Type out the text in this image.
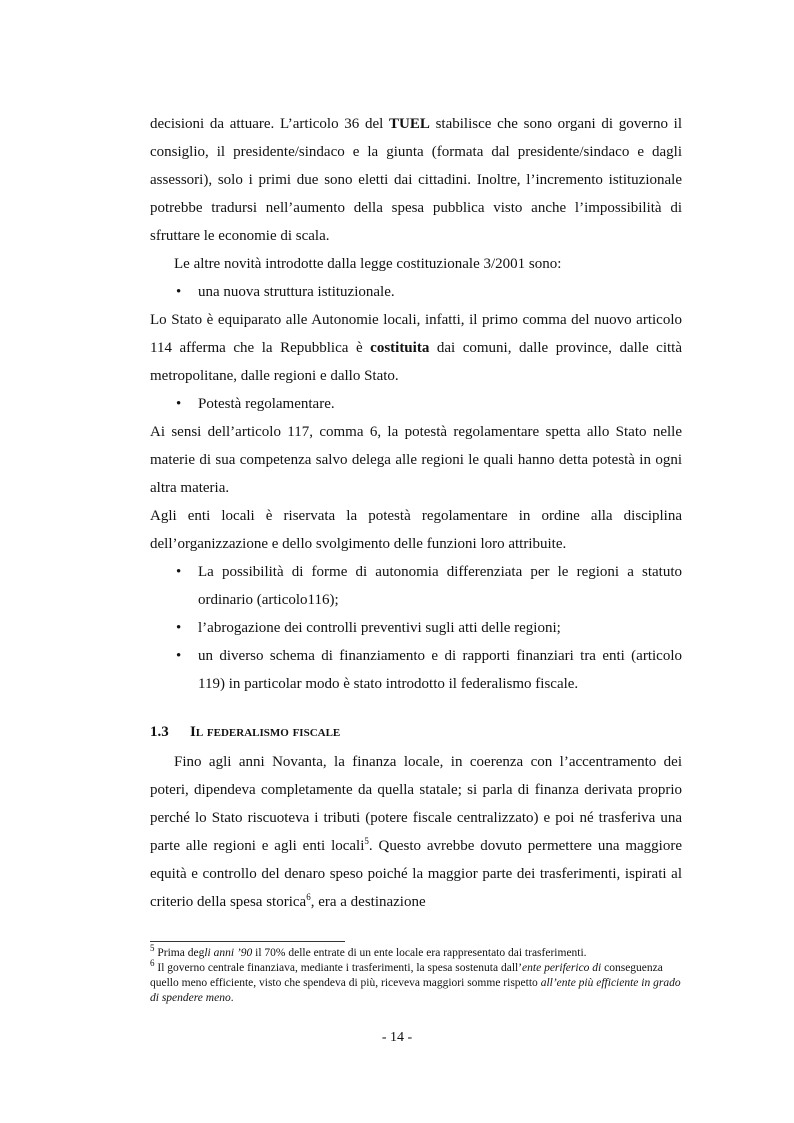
decisioni da attuare. L’articolo 36 del TUEL stabilisce che sono organi di governo il consiglio, il presidente/sindaco e la giunta (formata dal presidente/sindaco e dagli assessori), solo i primi due sono eletti dai cittadini. Inoltre, l’incremento istituzionale potrebbe tradursi nell’aumento della spesa pubblica visto anche l’impossibilità di sfruttare le economie di scala.

Le altre novità introdotte dalla legge costituzionale 3/2001 sono:

•	una nuova struttura istituzionale.

Lo Stato è equiparato alle Autonomie locali, infatti, il primo comma del nuovo articolo 114 afferma che la Repubblica è costituita dai comuni, dalle province, dalle città metropolitane, dalle regioni e dallo Stato.

•	Potestà regolamentare.

Ai sensi dell’articolo 117, comma 6, la potestà regolamentare spetta allo Stato nelle materie di sua competenza salvo delega alle regioni le quali hanno detta potestà in ogni altra materia.

Agli enti locali è riservata la potestà regolamentare in ordine alla disciplina dell’organizzazione e dello svolgimento delle funzioni loro attribuite.

•	La possibilità di forme di autonomia differenziata per le regioni a statuto ordinario (articolo116);
•	l’abrogazione dei controlli preventivi sugli atti delle regioni;
•	un diverso schema di finanziamento e di rapporti finanziari tra enti (articolo 119) in particolar modo è stato introdotto il federalismo fiscale.
1.3	Il federalismo fiscale

Fino agli anni Novanta, la finanza locale, in coerenza con l’accentramento dei poteri, dipendeva completamente da quella statale; si parla di finanza derivata proprio perché lo Stato riscuoteva i tributi (potere fiscale centralizzato) e poi né trasferiva una parte alle regioni e agli enti locali$^5$. Questo avrebbe dovuto permettere una maggiore equità e controllo del denaro speso poiché la maggior parte dei trasferimenti, ispirati al criterio della spesa storica$^6$, era a destinazione

$^5$ Prima degli anni ’90 il 70% delle entrate di un ente locale era rappresentato dai trasferimenti.

$^6$ Il governo centrale finanziava, mediante i trasferimenti, la spesa sostenuta dall’ente periferico di conseguenza quello meno efficiente, visto che spendeva di più, riceveva maggiori somme rispetto all’ente più efficiente in grado di spendere meno.

- 14 -
